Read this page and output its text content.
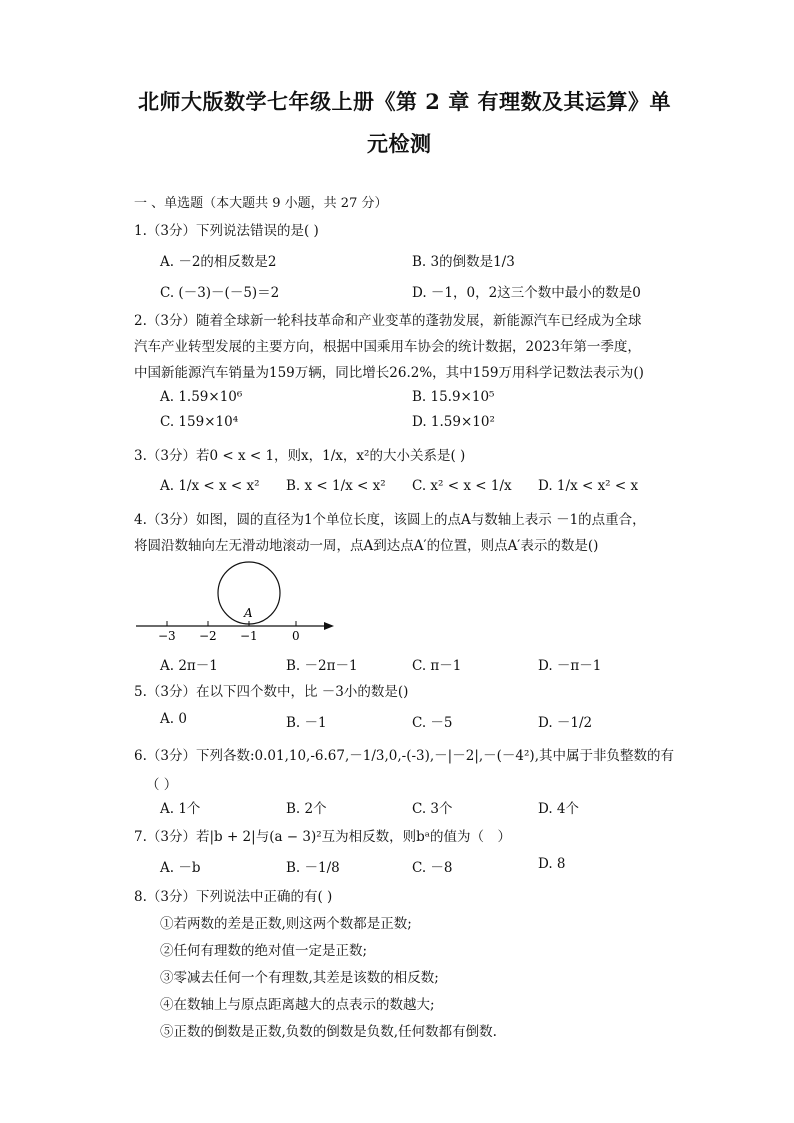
北师大版数学七年级上册《第 2 章 有理数及其运算》单
元检测
一 、单选题（本大题共 9 小题，共 27 分）
1.（3分）下列说法错误的是( )
A. －2的相反数是2	B. 3的倒数是1/3
C. (－3)－(－5)＝2	D. －1，0，2这三个数中最小的数是0
2.（3分）随着全球新一轮科技革命和产业变革的蓬勃发展，新能源汽车已经成为全球
汽车产业转型发展的主要方向，根据中国乘用车协会的统计数据，2023年第一季度，
中国新能源汽车销量为159万辆，同比增长26.2%，其中159万用科学记数法表示为()
A. 1.59×10⁶	B. 15.9×10⁵
C. 159×10⁴	D. 1.59×10²
3.（3分）若0 < x < 1，则x，1/x，x²的大小关系是( )
A. 1/x < x < x² B. x < 1/x < x² C. x² < x < 1/x D. 1/x < x² < x
4.（3分）如图，圆的直径为1个单位长度，该圆上的点A与数轴上表示 －1的点重合，
将圆沿数轴向左无滑动地滚动一周，点A到达点A′的位置，则点A′表示的数是()
A
−3 −2 −1	0
A. 2π－1	B. －2π－1	C. π－1	D. －π－1
5.（3分）在以下四个数中，比 －3小的数是()
A. 0	B. －1	C. －5	D. －1/2
6.（3分）下列各数:0.01,10,-6.67,－1/3,0,-(-3),－|－2|,－(－4²),其中属于非负整数的有
（ ）
A. 1个	B. 2个	C. 3个	D. 4个
7.（3分）若|b + 2|与(a − 3)²互为相反数，则bᵃ的值为（　）
A. －b	B. －1/8	C. －8	D. 8
8.（3分）下列说法中正确的有( )
①若两数的差是正数,则这两个数都是正数;
②任何有理数的绝对值一定是正数;
③零减去任何一个有理数,其差是该数的相反数;
④在数轴上与原点距离越大的点表示的数越大;
⑤正数的倒数是正数,负数的倒数是负数,任何数都有倒数.
